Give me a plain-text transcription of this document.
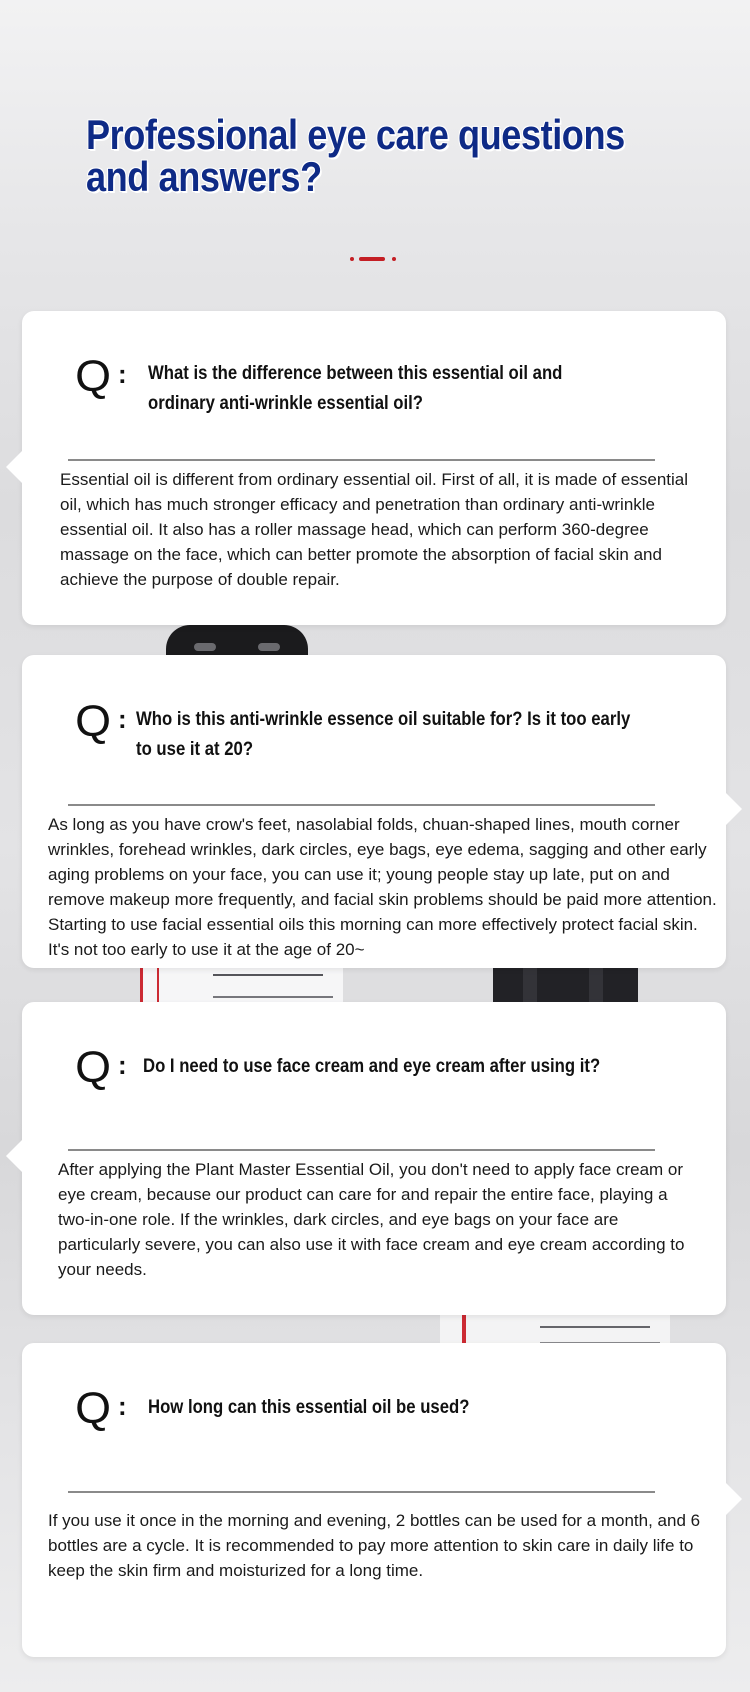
Professional eye care questions and answers?
Q : What is the difference between this essential oil and ordinary anti-wrinkle essential oil?

Essential oil is different from ordinary essential oil. First of all, it is made of essential oil, which has much stronger efficacy and penetration than ordinary anti-wrinkle essential oil. It also has a roller massage head, which can perform 360-degree massage on the face, which can better promote the absorption of facial skin and achieve the purpose of double repair.

Q : Who is this anti-wrinkle essence oil suitable for? Is it too early to use it at 20?

As long as you have crow's feet, nasolabial folds, chuan-shaped lines, mouth corner wrinkles, forehead wrinkles, dark circles, eye bags, eye edema, sagging and other early aging problems on your face, you can use it; young people stay up late, put on and remove makeup more frequently, and facial skin problems should be paid more attention. Starting to use facial essential oils this morning can more effectively protect facial skin. It's not too early to use it at the age of 20~

Q : Do I need to use face cream and eye cream after using it?

After applying the Plant Master Essential Oil, you don't need to apply face cream or eye cream, because our product can care for and repair the entire face, playing a two-in-one role. If the wrinkles, dark circles, and eye bags on your face are particularly severe, you can also use it with face cream and eye cream according to your needs.

Q : How long can this essential oil be used?

If you use it once in the morning and evening, 2 bottles can be used for a month, and 6 bottles are a cycle. It is recommended to pay more attention to skin care in daily life to keep the skin firm and moisturized for a long time.
